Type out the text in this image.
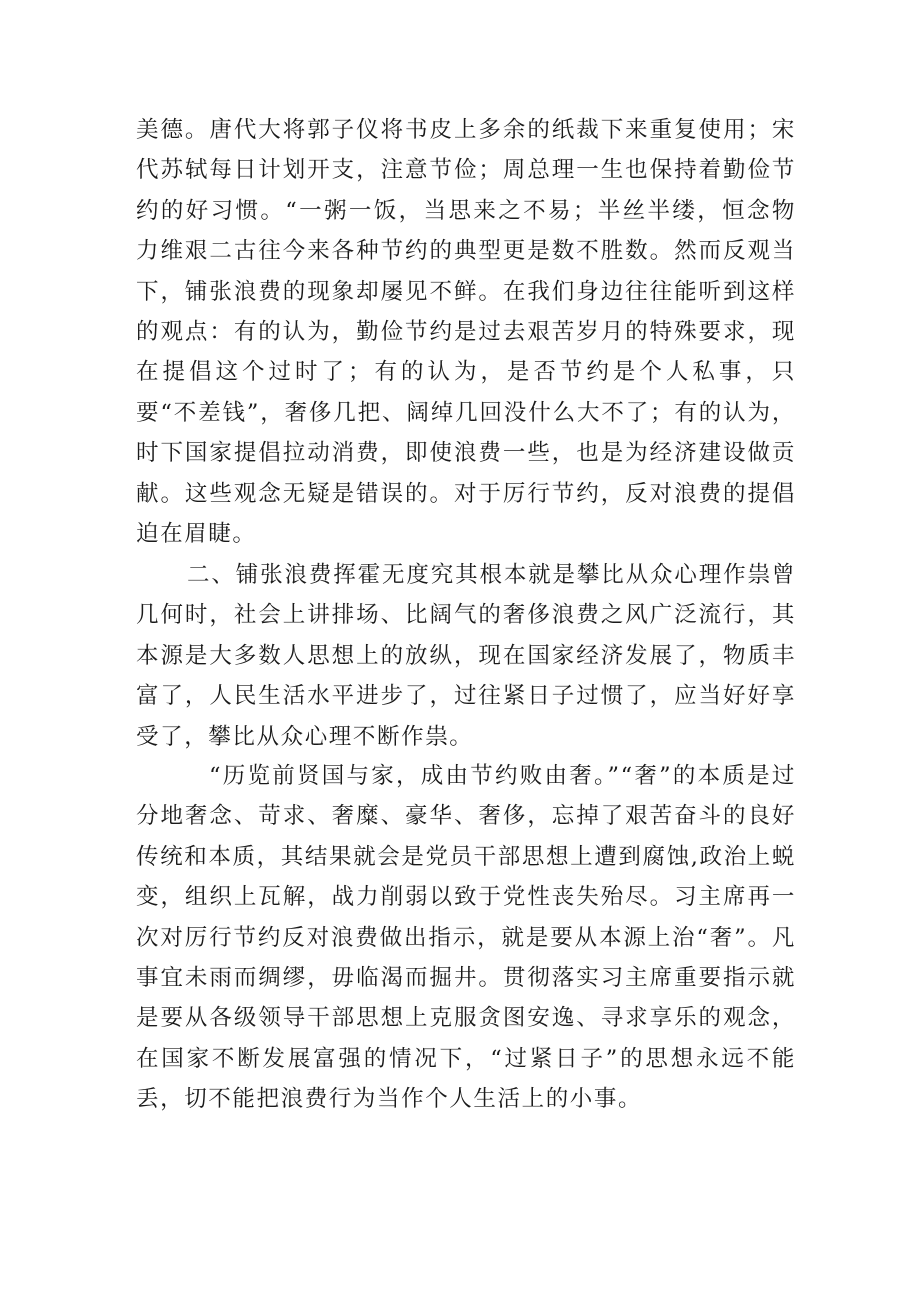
美德。唐代大将郭子仪将书皮上多余的纸裁下来重复使用；宋代苏轼每日计划开支，注意节俭；周总理一生也保持着勤俭节约的好习惯。“一粥一饭，当思来之不易；半丝半缕，恒念物力维艰二古往今来各种节约的典型更是数不胜数。然而反观当下，铺张浪费的现象却屡见不鲜。在我们身边往往能听到这样的观点：有的认为，勤俭节约是过去艰苦岁月的特殊要求，现在提倡这个过时了；有的认为，是否节约是个人私事，只要“不差钱”，奢侈几把、阔绰几回没什么大不了；有的认为，时下国家提倡拉动消费，即使浪费一些，也是为经济建设做贡献。这些观念无疑是错误的。对于厉行节约，反对浪费的提倡迫在眉睫。

二、铺张浪费挥霍无度究其根本就是攀比从众心理作祟曾几何时，社会上讲排场、比阔气的奢侈浪费之风广泛流行，其本源是大多数人思想上的放纵，现在国家经济发展了，物质丰富了，人民生活水平进步了，过往紧日子过惯了，应当好好享受了，攀比从众心理不断作祟。

“历览前贤国与家，成由节约败由奢。”“奢”的本质是过分地奢念、苛求、奢糜、豪华、奢侈，忘掉了艰苦奋斗的良好传统和本质，其结果就会是党员干部思想上遭到腐蚀,政治上蜕变，组织上瓦解，战力削弱以致于党性丧失殆尽。习主席再一次对厉行节约反对浪费做出指示，就是要从本源上治“奢”。凡事宜未雨而绸缪，毋临渴而掘井。贯彻落实习主席重要指示就是要从各级领导干部思想上克服贪图安逸、寻求享乐的观念，在国家不断发展富强的情况下，“过紧日子”的思想永远不能丢，切不能把浪费行为当作个人生活上的小事。
